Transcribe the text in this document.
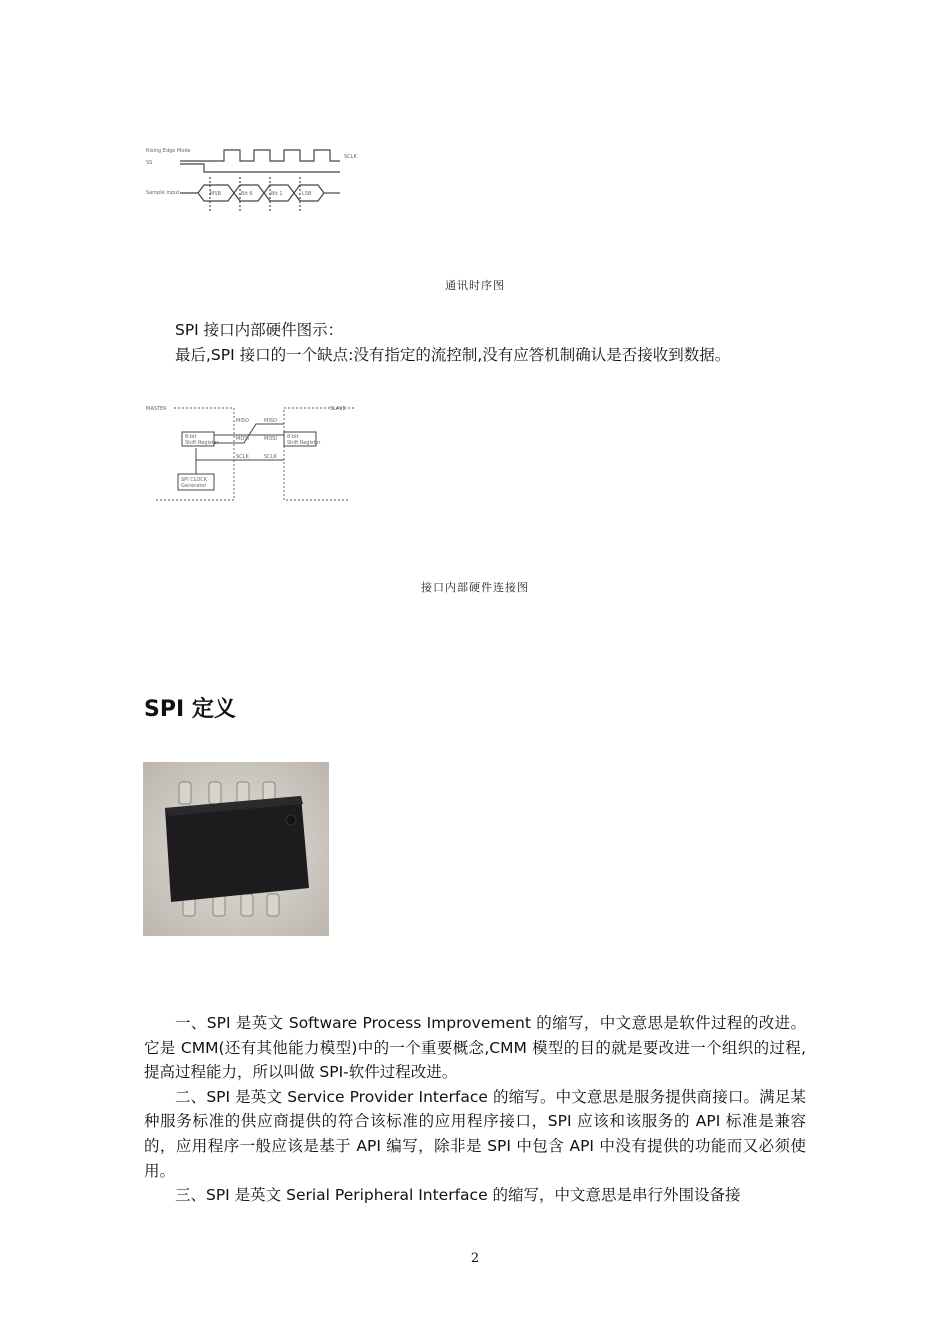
Rising Edge Mode
SS
Sample Input
SCLK
MSB	Bit 6	Bit 1	LSB
通讯时序图

SPI 接口内部硬件图示：

最后,SPI 接口的一个缺点:没有指定的流控制,没有应答机制确认是否接收到数据。

MASTER	SLAVE
8-bit
Shift Register
8-bit
Shift Register
SPI CLOCK
Generator
MISO
MOSI
SCLK
MISO
MOSI
SCLK
接口内部硬件连接图
SPI 定义

一、SPI 是英文 Software Process Improvement 的缩写，中文意思是软件过程的改进。它是 CMM(还有其他能力模型)中的一个重要概念,CMM 模型的目的就是要改进一个组织的过程,提高过程能力，所以叫做 SPI-软件过程改进。

二、SPI 是英文 Service Provider Interface 的缩写。中文意思是服务提供商接口。满足某种服务标准的供应商提供的符合该标准的应用程序接口，SPI 应该和该服务的 API 标准是兼容的，应用程序一般应该是基于 API 编写，除非是 SPI 中包含 API 中没有提供的功能而又必须使用。

三、SPI 是英文 Serial Peripheral Interface 的缩写，中文意思是串行外围设备接

2
